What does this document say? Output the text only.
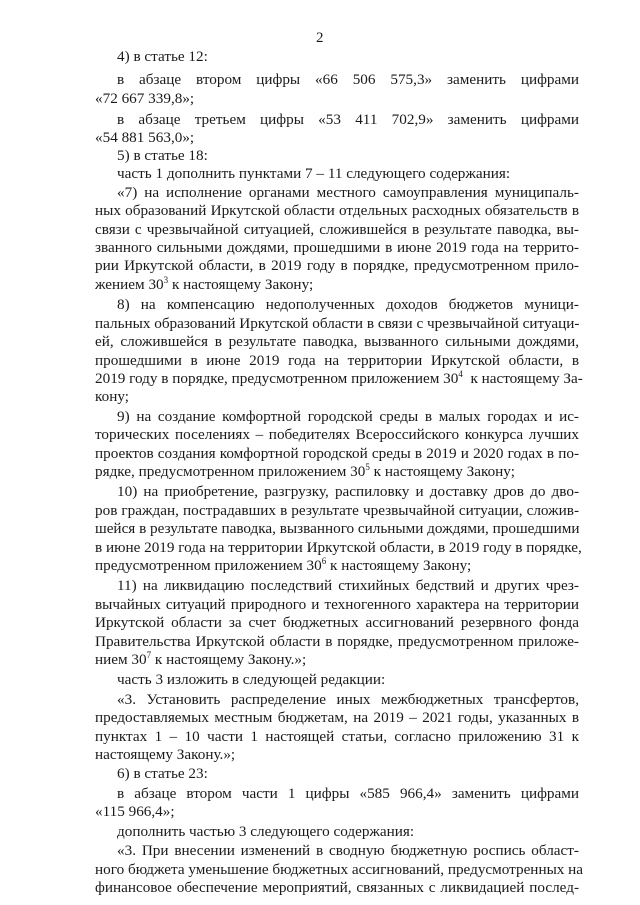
2
4) в статье 12:
в абзаце втором цифры «66 506 575,3» заменить цифрами
«72 667 339,8»;
в абзаце третьем цифры «53 411 702,9» заменить цифрами
«54 881 563,0»;
5) в статье 18:
часть 1 дополнить пунктами 7 – 11 следующего содержания:
«7) на исполнение органами местного самоуправления муниципаль-
ных образований Иркутской области отдельных расходных обязательств в
связи с чрезвычайной ситуацией, сложившейся в результате паводка, вы-
званного сильными дождями, прошедшими в июне 2019 года на террито-
рии Иркутской области, в 2019 году в порядке, предусмотренном прило-
жением $30^3$ к настоящему Закону;
8) на компенсацию недополученных доходов бюджетов муници-
пальных образований Иркутской области в связи с чрезвычайной ситуаци-
ей, сложившейся в результате паводка, вызванного сильными дождями,
прошедшими в июне 2019 года на территории Иркутской области, в
2019 году в порядке, предусмотренном приложением $30^4$  к настоящему За-
кону;
9) на создание комфортной городской среды в малых городах и ис-
торических поселениях – победителях Всероссийского конкурса лучших
проектов создания комфортной городской среды в 2019 и 2020 годах в по-
рядке, предусмотренном приложением $30^5$ к настоящему Закону;
10) на приобретение, разгрузку, распиловку и доставку дров до дво-
ров граждан, пострадавших в результате чрезвычайной ситуации, сложив-
шейся в результате паводка, вызванного сильными дождями, прошедшими
в июне 2019 года на территории Иркутской области, в 2019 году в порядке,
предусмотренном приложением $30^6$ к настоящему Закону;
11) на ликвидацию последствий стихийных бедствий и других чрез-
вычайных ситуаций природного и техногенного характера на территории
Иркутской области за счет бюджетных ассигнований резервного фонда
Правительства Иркутской области в порядке, предусмотренном приложе-
нием $30^7$ к настоящему Закону.»;
часть 3 изложить в следующей редакции:
«3. Установить распределение иных межбюджетных трансфертов,
предоставляемых местным бюджетам, на 2019 – 2021 годы, указанных в
пунктах 1 – 10 части 1 настоящей статьи, согласно приложению 31 к
настоящему Закону.»;
6) в статье 23:
в абзаце втором части 1 цифры «585 966,4» заменить цифрами
«115 966,4»;
дополнить частью 3 следующего содержания:
«3. При внесении изменений в сводную бюджетную роспись област-
ного бюджета уменьшение бюджетных ассигнований, предусмотренных на
финансовое обеспечение мероприятий, связанных с ликвидацией послед-
